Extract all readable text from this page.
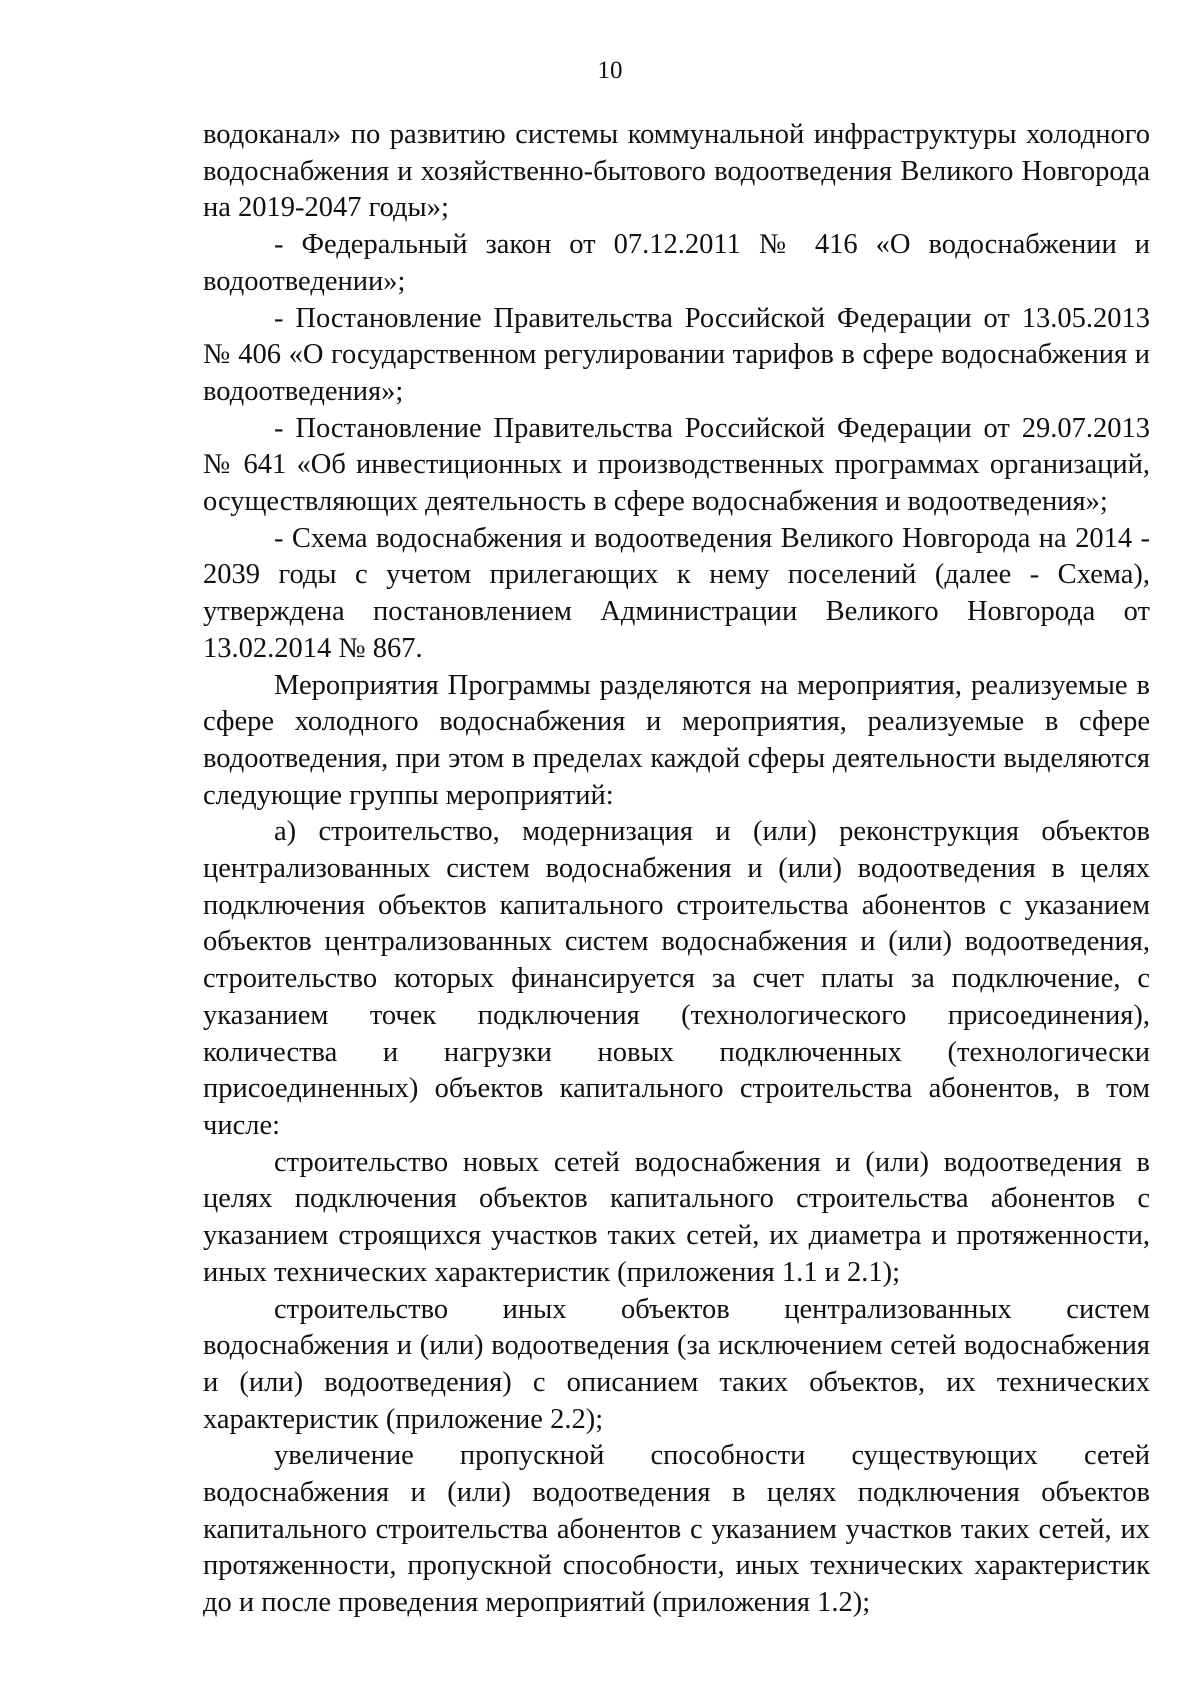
10

водоканал» по развитию системы коммунальной инфраструктуры холодного водоснабжения и хозяйственно-бытового водоотведения Великого Новгорода на 2019-2047 годы»;

- Федеральный закон от 07.12.2011 № 416 «О водоснабжении и водоотведении»;

- Постановление Правительства Российской Федерации от 13.05.2013 № 406 «О государственном регулировании тарифов в сфере водоснабжения и водоотведения»;

- Постановление Правительства Российской Федерации от 29.07.2013 № 641 «Об инвестиционных и производственных программах организаций, осуществляющих деятельность в сфере водоснабжения и водоотведения»;

- Схема водоснабжения и водоотведения Великого Новгорода на 2014 - 2039 годы с учетом прилегающих к нему поселений (далее - Схема), утверждена постановлением Администрации Великого Новгорода от 13.02.2014 № 867.

Мероприятия Программы разделяются на мероприятия, реализуемые в сфере холодного водоснабжения и мероприятия, реализуемые в сфере водоотведения, при этом в пределах каждой сферы деятельности выделяются следующие группы мероприятий:

а) строительство, модернизация и (или) реконструкция объектов централизованных систем водоснабжения и (или) водоотведения в целях подключения объектов капитального строительства абонентов с указанием объектов централизованных систем водоснабжения и (или) водоотведения, строительство которых финансируется за счет платы за подключение, с указанием точек подключения (технологического присоединения), количества и нагрузки новых подключенных (технологически присоединенных) объектов капитального строительства абонентов, в том числе:

строительство новых сетей водоснабжения и (или) водоотведения в целях подключения объектов капитального строительства абонентов с указанием строящихся участков таких сетей, их диаметра и протяженности, иных технических характеристик (приложения 1.1 и 2.1);

строительство иных объектов централизованных систем водоснабжения и (или) водоотведения (за исключением сетей водоснабжения и (или) водоотведения) с описанием таких объектов, их технических характеристик (приложение 2.2);

увеличение пропускной способности существующих сетей водоснабжения и (или) водоотведения в целях подключения объектов капитального строительства абонентов с указанием участков таких сетей, их протяженности, пропускной способности, иных технических характеристик до и после проведения мероприятий (приложения 1.2);
